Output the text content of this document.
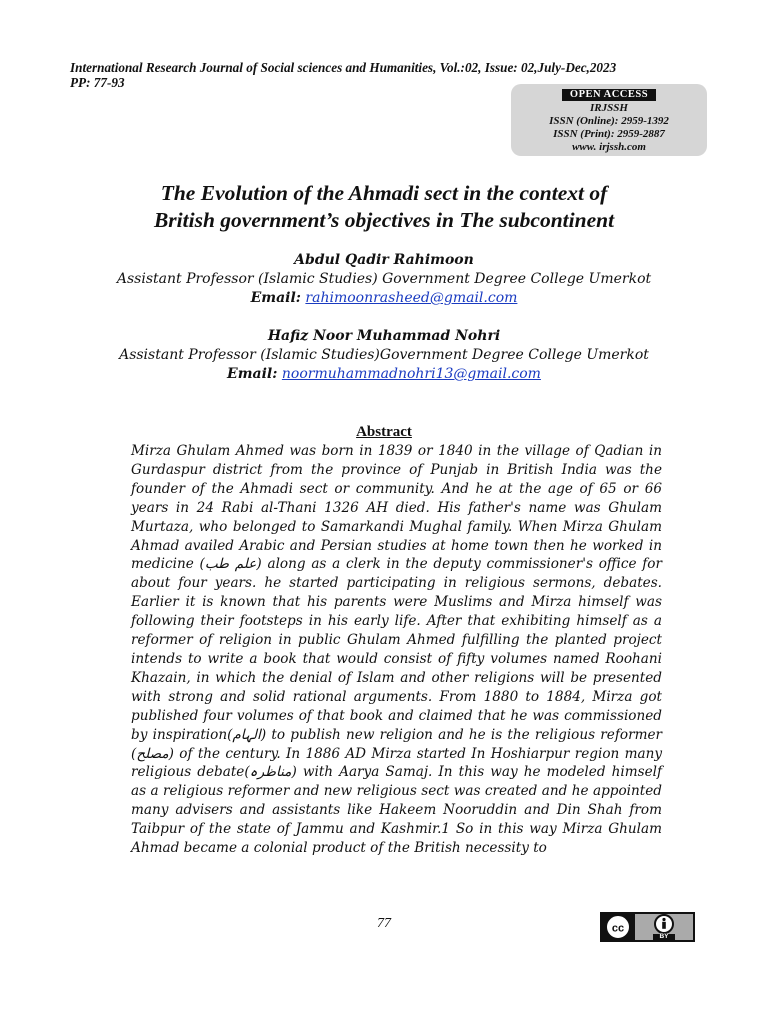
International Research Journal of Social sciences and Humanities, Vol.:02, Issue: 02,July-Dec,2023
PP: 77-93
OPEN ACCESS
IRJSSH
ISSN (Online): 2959-1392
ISSN (Print): 2959-2887
www. irjssh.com
The Evolution of the Ahmadi sect in the context of
British government’s objectives in The subcontinent
Abdul Qadir Rahimoon
Assistant Professor (Islamic Studies) Government Degree College Umerkot
Email: rahimoonrasheed@gmail.com
Hafiz Noor Muhammad Nohri
Assistant Professor (Islamic Studies)Government Degree College Umerkot
Email: noormuhammadnohri13@gmail.com
Abstract

Mirza Ghulam Ahmed was born in 1839 or 1840 in the village of Qadian in Gurdaspur district from the province of Punjab in British India was the founder of the Ahmadi sect or community. And he at the age of 65 or 66 years in 24 Rabi al-Thani 1326 AH died. His father's name was Ghulam Murtaza, who belonged to Samarkandi Mughal family. When Mirza Ghulam Ahmad availed Arabic and Persian studies at home town then he worked in medicine (علم طب) along as a clerk in the deputy commissioner's office for about four years. he started participating in religious sermons, debates. Earlier it is known that his parents were Muslims and Mirza himself was following their footsteps in his early life. After that exhibiting himself as a reformer of religion in public Ghulam Ahmed fulfilling the planted project intends to write a book that would consist of fifty volumes named Roohani Khazain, in which the denial of Islam and other religions will be presented with strong and solid rational arguments. From 1880 to 1884, Mirza got published four volumes of that book and claimed that he was commissioned by inspiration(الہام) to publish new religion and he is the religious reformer (مصلح) of the century. In 1886 AD Mirza started In Hoshiarpur region many religious debate(مناظرہ) with Aarya Samaj. In this way he modeled himself as a religious reformer and new religious sect was created and he appointed many advisers and assistants like Hakeem Nooruddin and Din Shah from Taibpur of the state of Jammu and Kashmir.1 So in this way Mirza Ghulam Ahmad became a colonial product of the British necessity to

77	cc
BY
